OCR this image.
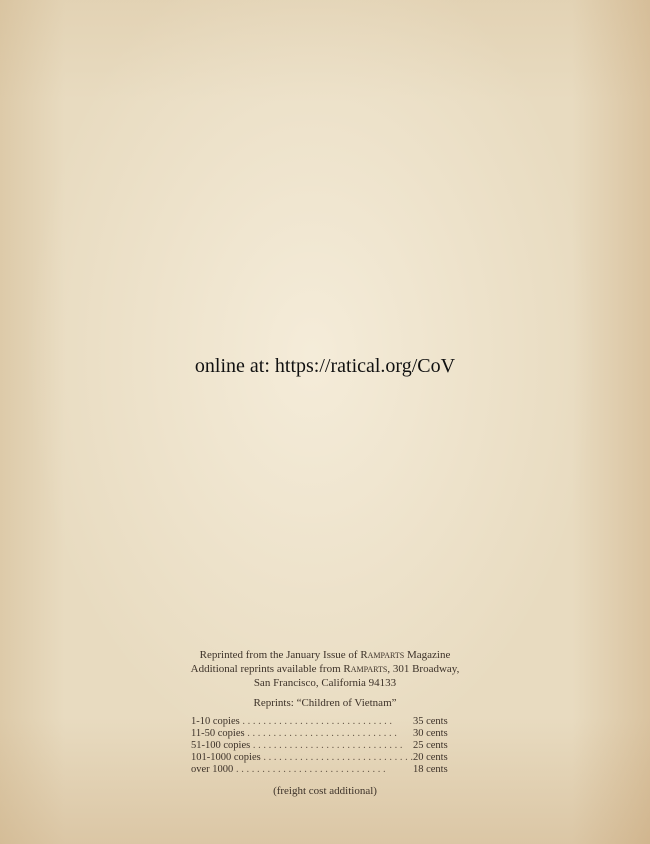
online at: https://ratical.org/CoV
Reprinted from the January Issue of Ramparts Magazine
Additional reprints available from Ramparts, 301 Broadway,
San Francisco, California 94133
Reprints: “Children of Vietnam”
1-10 copies . . .	35 cents
11-50 copies . . .	30 cents
51-100 copies . . .	25 cents
101-1000 copies . . .	20 cents
over 1000 . . .	18 cents
(freight cost additional)
